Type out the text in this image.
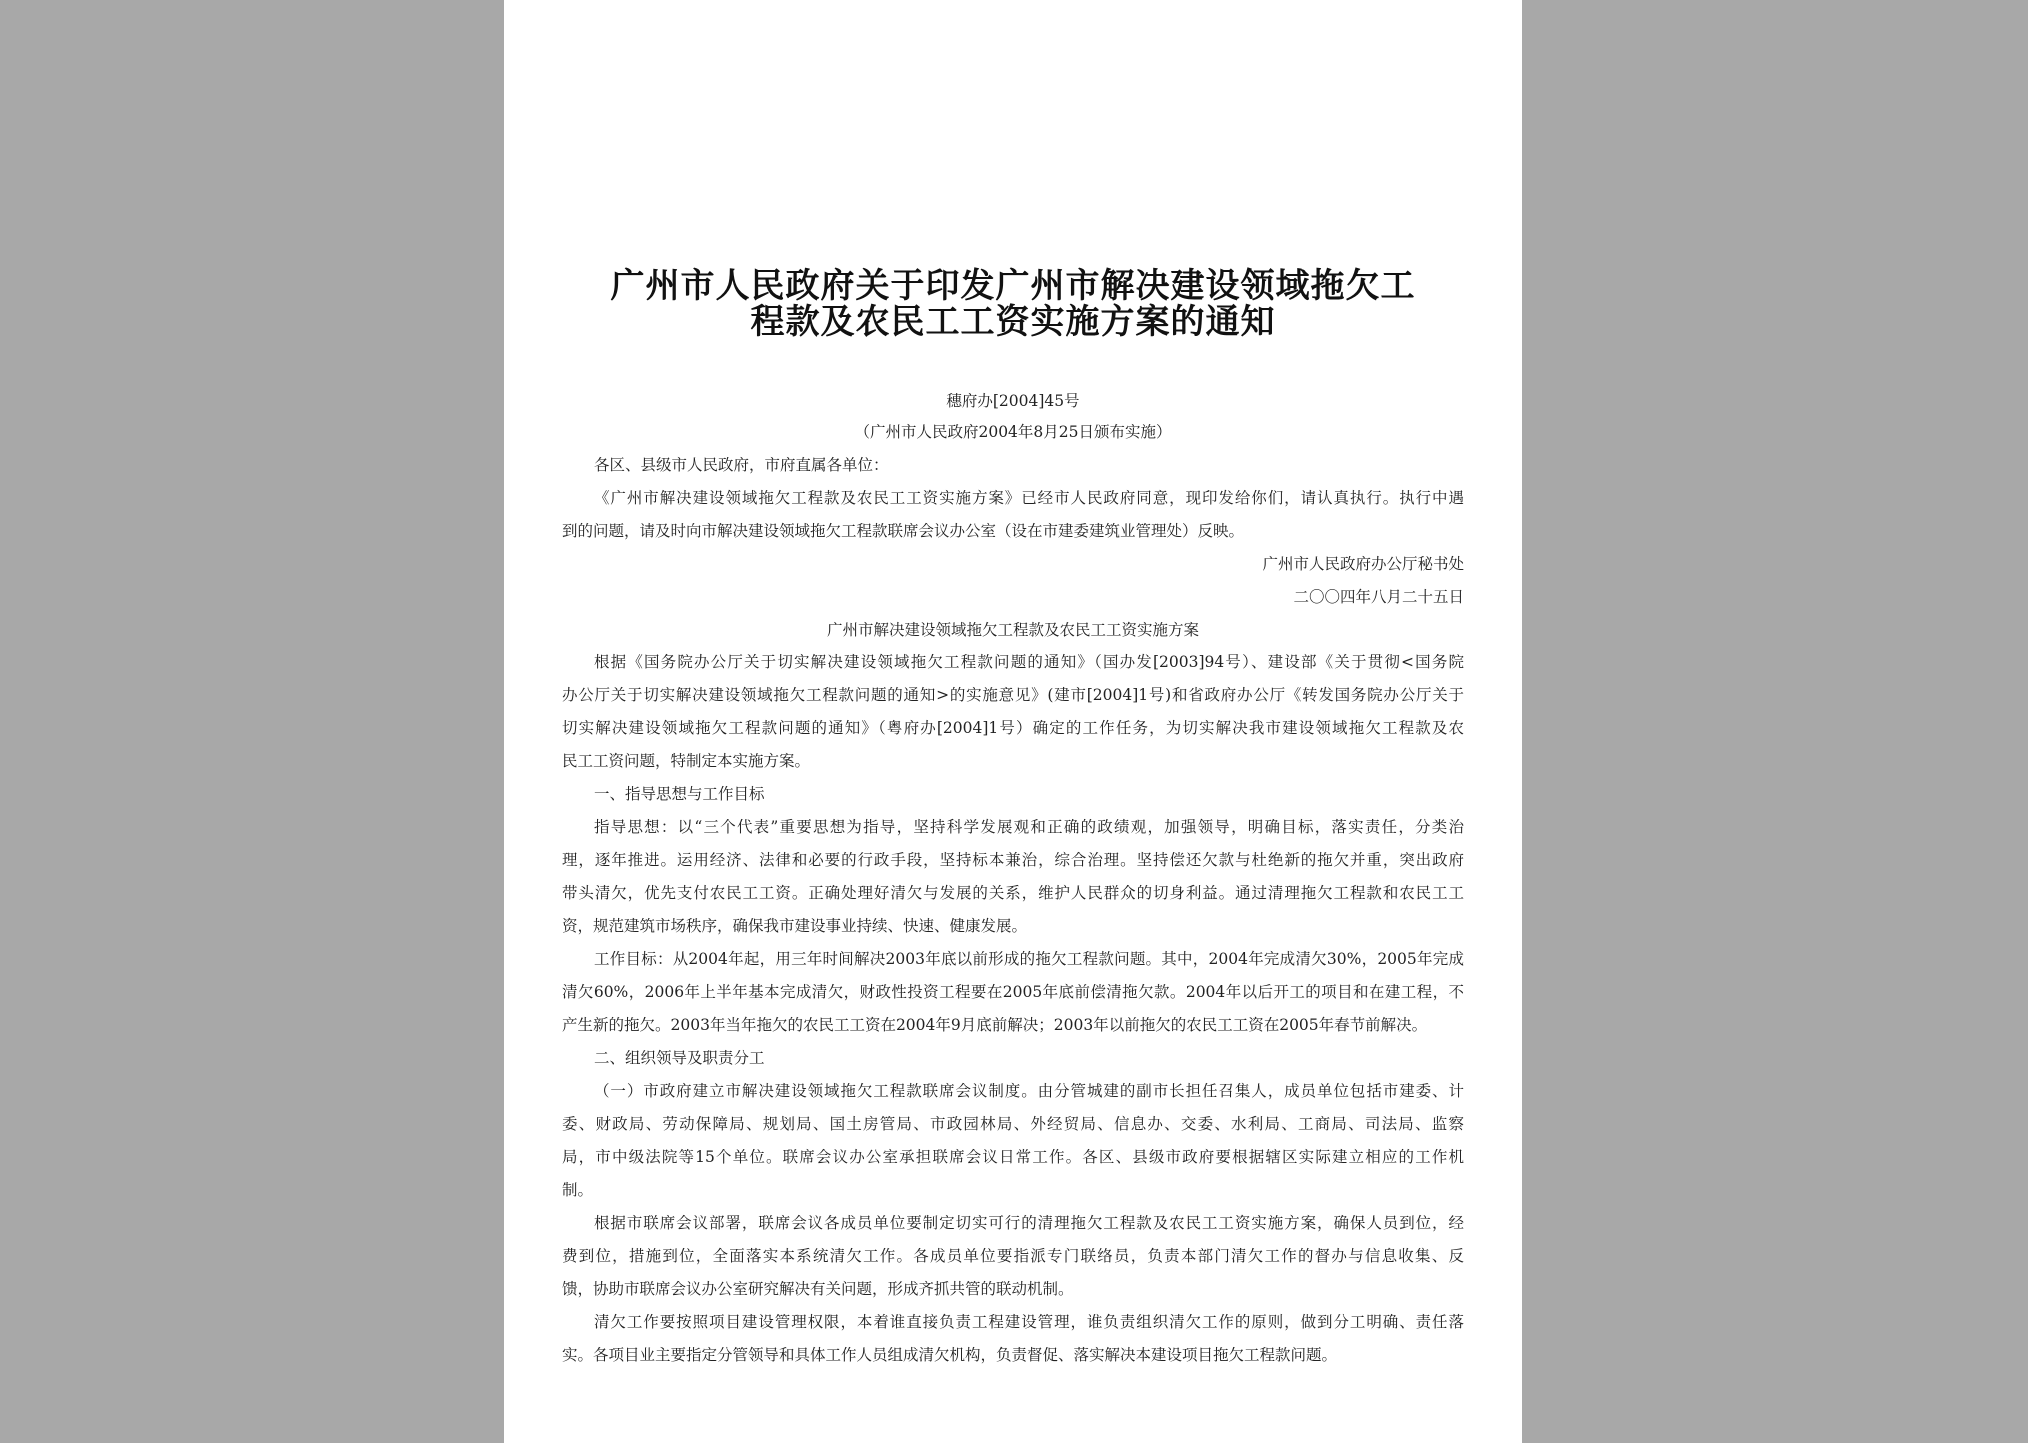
广州市人民政府关于印发广州市解决建设领域拖欠工
程款及农民工工资实施方案的通知
穗府办[2004]45号
（广州市人民政府2004年8月25日颁布实施）
各区、县级市人民政府，市府直属各单位：
《广州市解决建设领域拖欠工程款及农民工工资实施方案》已经市人民政府同意，现印发给你们，请认真执行。执行中遇
到的问题，请及时向市解决建设领域拖欠工程款联席会议办公室（设在市建委建筑业管理处）反映。
广州市人民政府办公厅秘书处
二〇〇四年八月二十五日
广州市解决建设领域拖欠工程款及农民工工资实施方案
根据《国务院办公厅关于切实解决建设领域拖欠工程款问题的通知》（国办发[2003]94号）、建设部《关于贯彻<国务院
办公厅关于切实解决建设领域拖欠工程款问题的通知>的实施意见》(建市[2004]1号)和省政府办公厅《转发国务院办公厅关于
切实解决建设领域拖欠工程款问题的通知》（粤府办[2004]1号）确定的工作任务，为切实解决我市建设领域拖欠工程款及农
民工工资问题，特制定本实施方案。
一、指导思想与工作目标
指导思想：以“三个代表”重要思想为指导，坚持科学发展观和正确的政绩观，加强领导，明确目标，落实责任，分类治
理，逐年推进。运用经济、法律和必要的行政手段，坚持标本兼治，综合治理。坚持偿还欠款与杜绝新的拖欠并重，突出政府
带头清欠，优先支付农民工工资。正确处理好清欠与发展的关系，维护人民群众的切身利益。通过清理拖欠工程款和农民工工
资，规范建筑市场秩序，确保我市建设事业持续、快速、健康发展。
工作目标：从2004年起，用三年时间解决2003年底以前形成的拖欠工程款问题。其中，2004年完成清欠30%，2005年完成
清欠60%，2006年上半年基本完成清欠，财政性投资工程要在2005年底前偿清拖欠款。2004年以后开工的项目和在建工程，不
产生新的拖欠。2003年当年拖欠的农民工工资在2004年9月底前解决；2003年以前拖欠的农民工工资在2005年春节前解决。
二、组织领导及职责分工
（一）市政府建立市解决建设领域拖欠工程款联席会议制度。由分管城建的副市长担任召集人，成员单位包括市建委、计
委、财政局、劳动保障局、规划局、国土房管局、市政园林局、外经贸局、信息办、交委、水利局、工商局、司法局、监察
局，市中级法院等15个单位。联席会议办公室承担联席会议日常工作。各区、县级市政府要根据辖区实际建立相应的工作机
制。
根据市联席会议部署，联席会议各成员单位要制定切实可行的清理拖欠工程款及农民工工资实施方案，确保人员到位，经
费到位，措施到位，全面落实本系统清欠工作。各成员单位要指派专门联络员，负责本部门清欠工作的督办与信息收集、反
馈，协助市联席会议办公室研究解决有关问题，形成齐抓共管的联动机制。
清欠工作要按照项目建设管理权限，本着谁直接负责工程建设管理，谁负责组织清欠工作的原则，做到分工明确、责任落
实。各项目业主要指定分管领导和具体工作人员组成清欠机构，负责督促、落实解决本建设项目拖欠工程款问题。
